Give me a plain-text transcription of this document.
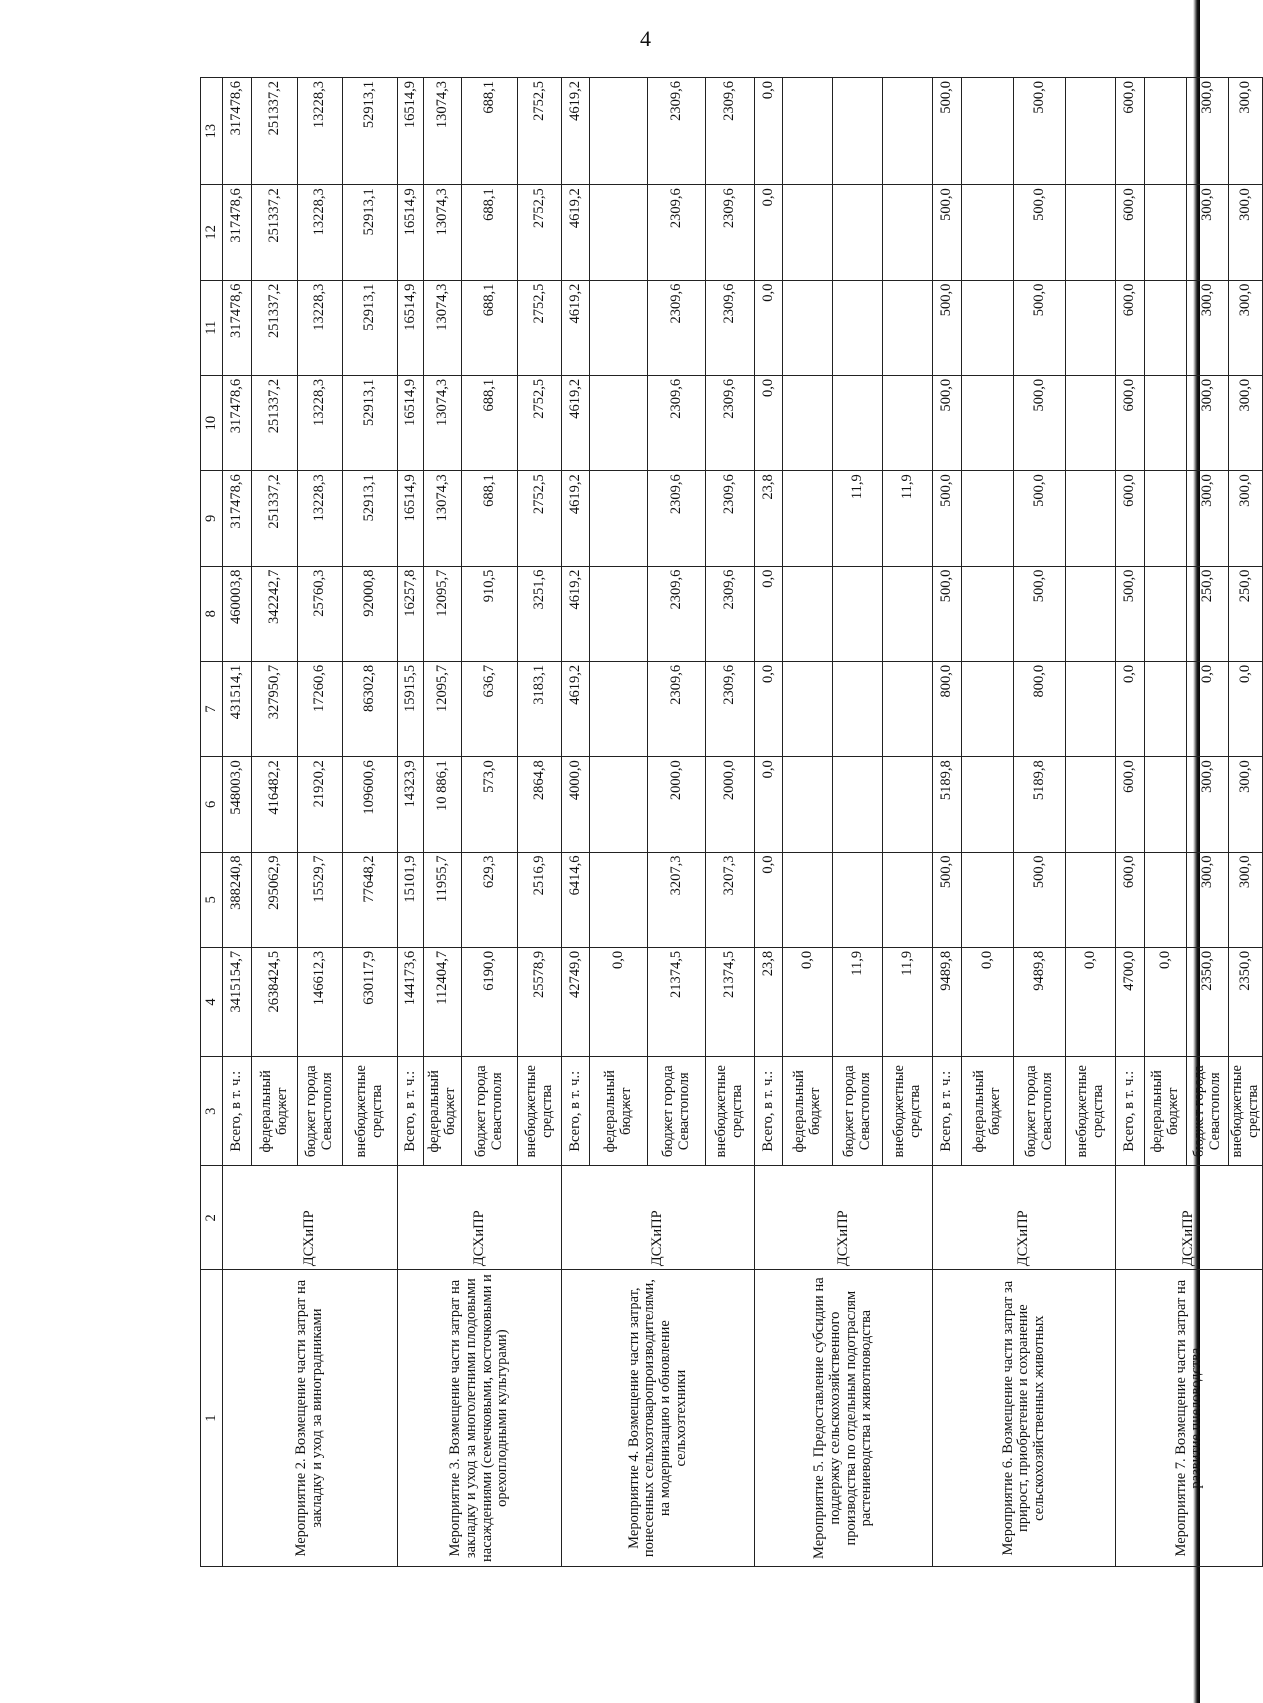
4
1	2	3	4	5	6	7	8	9	10	11	12	13
Мероприятие 2. Возмещение части затрат на закладку и уход за виноградниками	ДСХиПР	Всего, в т. ч.:	3415154,7	388240,8	548003,0	431514,1	460003,8	317478,6	317478,6	317478,6	317478,6	317478,6
		федеральный бюджет	2638424,5	295062,9	416482,2	327950,7	342242,7	251337,2	251337,2	251337,2	251337,2	251337,2
		бюджет города Севастополя	146612,3	15529,7	21920,2	17260,6	25760,3	13228,3	13228,3	13228,3	13228,3	13228,3
		внебюджетные средства	630117,9	77648,2	109600,6	86302,8	92000,8	52913,1	52913,1	52913,1	52913,1	52913,1
Мероприятие 3. Возмещение части затрат на закладку и уход за многолетними плодовыми насаждениями (семечковыми, косточковыми и орехоплодными культурами)	ДСХиПР	Всего, в т. ч.:	144173,6	15101,9	14323,9	15915,5	16257,8	16514,9	16514,9	16514,9	16514,9	16514,9
		федеральный бюджет	112404,7	11955,7	10 886,1	12095,7	12095,7	13074,3	13074,3	13074,3	13074,3	13074,3
		бюджет города Севастополя	6190,0	629,3	573,0	636,7	910,5	688,1	688,1	688,1	688,1	688,1
		внебюджетные средства	25578,9	2516,9	2864,8	3183,1	3251,6	2752,5	2752,5	2752,5	2752,5	2752,5
Мероприятие 4. Возмещение части затрат, понесенных сельхозтоваропроизводителями, на модернизацию и обновление сельхозтехники	ДСХиПР	Всего, в т. ч.:	42749,0	6414,6	4000,0	4619,2	4619,2	4619,2	4619,2	4619,2	4619,2	4619,2
		федеральный бюджет	0,0									
		бюджет города Севастополя	21374,5	3207,3	2000,0	2309,6	2309,6	2309,6	2309,6	2309,6	2309,6	2309,6
		внебюджетные средства	21374,5	3207,3	2000,0	2309,6	2309,6	2309,6	2309,6	2309,6	2309,6	2309,6
Мероприятие 5. Предоставление субсидии на поддержку сельскохозяйственного производства по отдельным подотраслям растениеводства и животноводства	ДСХиПР	Всего, в т. ч.:	23,8	0,0	0,0	0,0	0,0	23,8	0,0	0,0	0,0	0,0
		федеральный бюджет	0,0									
		бюджет города Севастополя	11,9					11,9				
		внебюджетные средства	11,9					11,9				
Мероприятие 6. Возмещение части затрат за прирост, приобретение и сохранение сельскохозяйственных животных	ДСХиПР	Всего, в т. ч.:	9489,8	500,0	5189,8	800,0	500,0	500,0	500,0	500,0	500,0	500,0
		федеральный бюджет	0,0									
		бюджет города Севастополя	9489,8	500,0	5189,8	800,0	500,0	500,0	500,0	500,0	500,0	500,0
		внебюджетные средства	0,0									
Мероприятие 7. Возмещение части затрат на развитие пчеловодства	ДСХиПР	Всего, в т. ч.:	4700,0	600,0	600,0	0,0	500,0	600,0	600,0	600,0	600,0	600,0
		федеральный бюджет	0,0									
		бюджет города Севастополя	2350,0	300,0	300,0	0,0	250,0	300,0	300,0	300,0	300,0	300,0
		внебюджетные средства	2350,0	300,0	300,0	0,0	250,0	300,0	300,0	300,0	300,0	300,0
